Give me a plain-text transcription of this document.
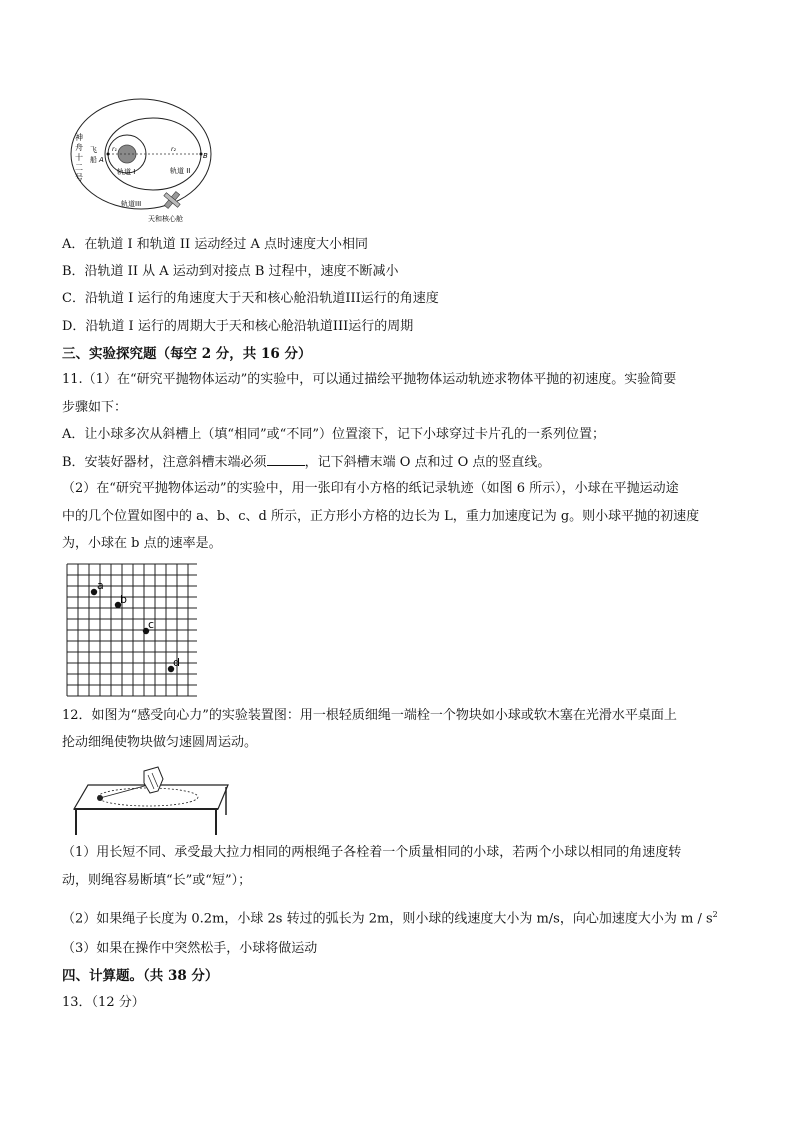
神
舟
十
二
号
飞
船 A	B
r₁	r₂
轨道 I	轨道 II
轨道III
天和核心舱
A．在轨道 I 和轨道 II 运动经过 A 点时速度大小相同
B．沿轨道 II 从 A 运动到对接点 B 过程中，速度不断减小
C．沿轨道 I 运行的角速度大于天和核心舱沿轨道III运行的角速度
D．沿轨道 I 运行的周期大于天和核心舱沿轨道III运行的周期
三、实验探究题（每空 2 分，共 16 分）
11.（1）在“研究平抛物体运动”的实验中，可以通过描绘平抛物体运动轨迹求物体平抛的初速度。实验简要
步骤如下：
A．让小球多次从斜槽上（填“相同”或“不同”）位置滚下，记下小球穿过卡片孔的一系列位置；
B．安装好器材，注意斜槽末端必须	，记下斜槽末端 O 点和过 O 点的竖直线。
（2）在“研究平抛物体运动”的实验中，用一张印有小方格的纸记录轨迹（如图 6 所示），小球在平抛运动途
中的几个位置如图中的 a、b、c、d 所示，正方形小方格的边长为 L，重力加速度记为 g。则小球平抛的初速度
为，小球在 b 点的速率是。
a
b
c
d
12．如图为“感受向心力”的实验装置图：用一根轻质细绳一端栓一个物块如小球或软木塞在光滑水平桌面上
抡动细绳使物块做匀速圆周运动。
（1）用长短不同、承受最大拉力相同的两根绳子各栓着一个质量相同的小球，若两个小球以相同的角速度转
动，则绳容易断填“长”或“短”）；
（2）如果绳子长度为 0.2m，小球 2s 转过的弧长为 2m，则小球的线速度大小为 m/s，向心加速度大小为 m / $s^2$
（3）如果在操作中突然松手，小球将做运动
四、计算题。（共 38 分）
13．（12 分）
